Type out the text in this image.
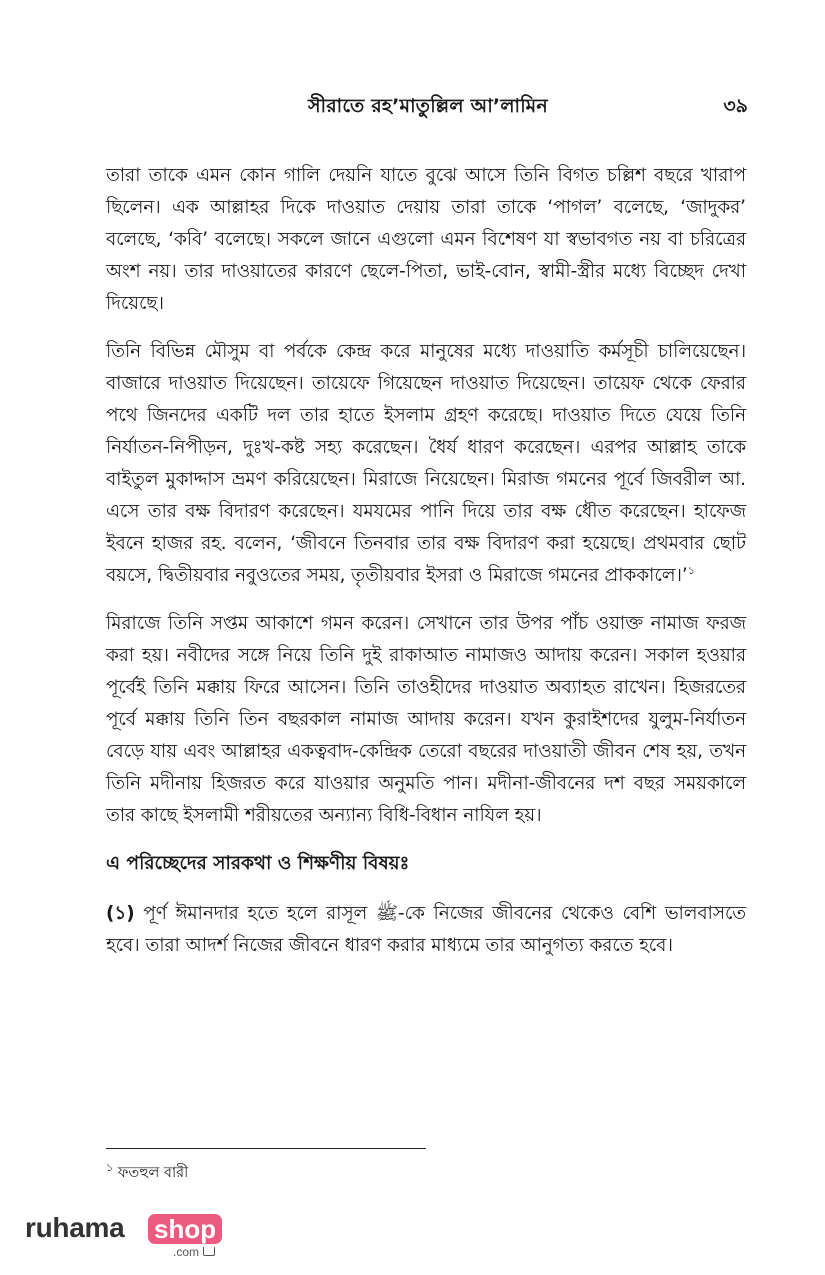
সীরাতে রহ’মাতুল্লিল আ’লামিন	৩৯

তারা তাকে এমন কোন গালি দেয়নি যাতে বুঝে আসে তিনি বিগত চল্লিশ বছরে খারাপ ছিলেন। এক আল্লাহর দিকে দাওয়াত দেয়ায় তারা তাকে ‘পাগল’ বলেছে, ‘জাদুকর’ বলেছে, ‘কবি’ বলেছে। সকলে জানে এগুলো এমন বিশেষণ যা স্বভাবগত নয় বা চরিত্রের অংশ নয়। তার দাওয়াতের কারণে ছেলে-পিতা, ভাই-বোন, স্বামী-স্ত্রীর মধ্যে বিচ্ছেদ দেখা দিয়েছে।

তিনি বিভিন্ন মৌসুম বা পর্বকে কেন্দ্র করে মানুষের মধ্যে দাওয়াতি কর্মসূচী চালিয়েছেন। বাজারে দাওয়াত দিয়েছেন। তায়েফে গিয়েছেন দাওয়াত দিয়েছেন। তায়েফ থেকে ফেরার পথে জিনদের একটি দল তার হাতে ইসলাম গ্রহণ করেছে। দাওয়াত দিতে যেয়ে তিনি নির্যাতন-নিপীড়ন, দুঃখ-কষ্ট সহ্য করেছেন। ধৈর্য ধারণ করেছেন। এরপর আল্লাহ তাকে বাইতুল মুকাদ্দাস ভ্রমণ করিয়েছেন। মিরাজে নিয়েছেন। মিরাজ গমনের পূর্বে জিবরীল আ. এসে তার বক্ষ বিদারণ করেছেন। যমযমের পানি দিয়ে তার বক্ষ ধৌত করেছেন। হাফেজ ইবনে হাজর রহ. বলেন, ‘জীবনে তিনবার তার বক্ষ বিদারণ করা হয়েছে। প্রথমবার ছোট বয়সে, দ্বিতীয়বার নবুওতের সময়, তৃতীয়বার ইসরা ও মিরাজে গমনের প্রাককালে।’$^১$

মিরাজে তিনি সপ্তম আকাশে গমন করেন। সেখানে তার উপর পাঁচ ওয়াক্ত নামাজ ফরজ করা হয়। নবীদের সঙ্গে নিয়ে তিনি দুই রাকাআত নামাজও আদায় করেন। সকাল হওয়ার পূর্বেই তিনি মক্কায় ফিরে আসেন। তিনি তাওহীদের দাওয়াত অব্যাহত রাখেন। হিজরতের পূর্বে মক্কায় তিনি তিন বছরকাল নামাজ আদায় করেন। যখন কুরাইশদের যুলুম-নির্যাতন বেড়ে যায় এবং আল্লাহর একত্ববাদ-কেন্দ্রিক তেরো বছরের দাওয়াতী জীবন শেষ হয়, তখন তিনি মদীনায় হিজরত করে যাওয়ার অনুমতি পান। মদীনা-জীবনের দশ বছর সময়কালে তার কাছে ইসলামী শরীয়তের অন্যান্য বিধি-বিধান নাযিল হয়।

এ পরিচ্ছেদের সারকথা ও শিক্ষণীয় বিষয়ঃ

(১) পূর্ণ ঈমানদার হতে হলে রাসূল ﷺ-কে নিজের জীবনের থেকেও বেশি ভালবাসতে হবে। তারা আদর্শ নিজের জীবনে ধারণ করার মাধ্যমে তার আনুগত্য করতে হবে।

$^১$ ফতহুল বারী
ruhama shop
.com
